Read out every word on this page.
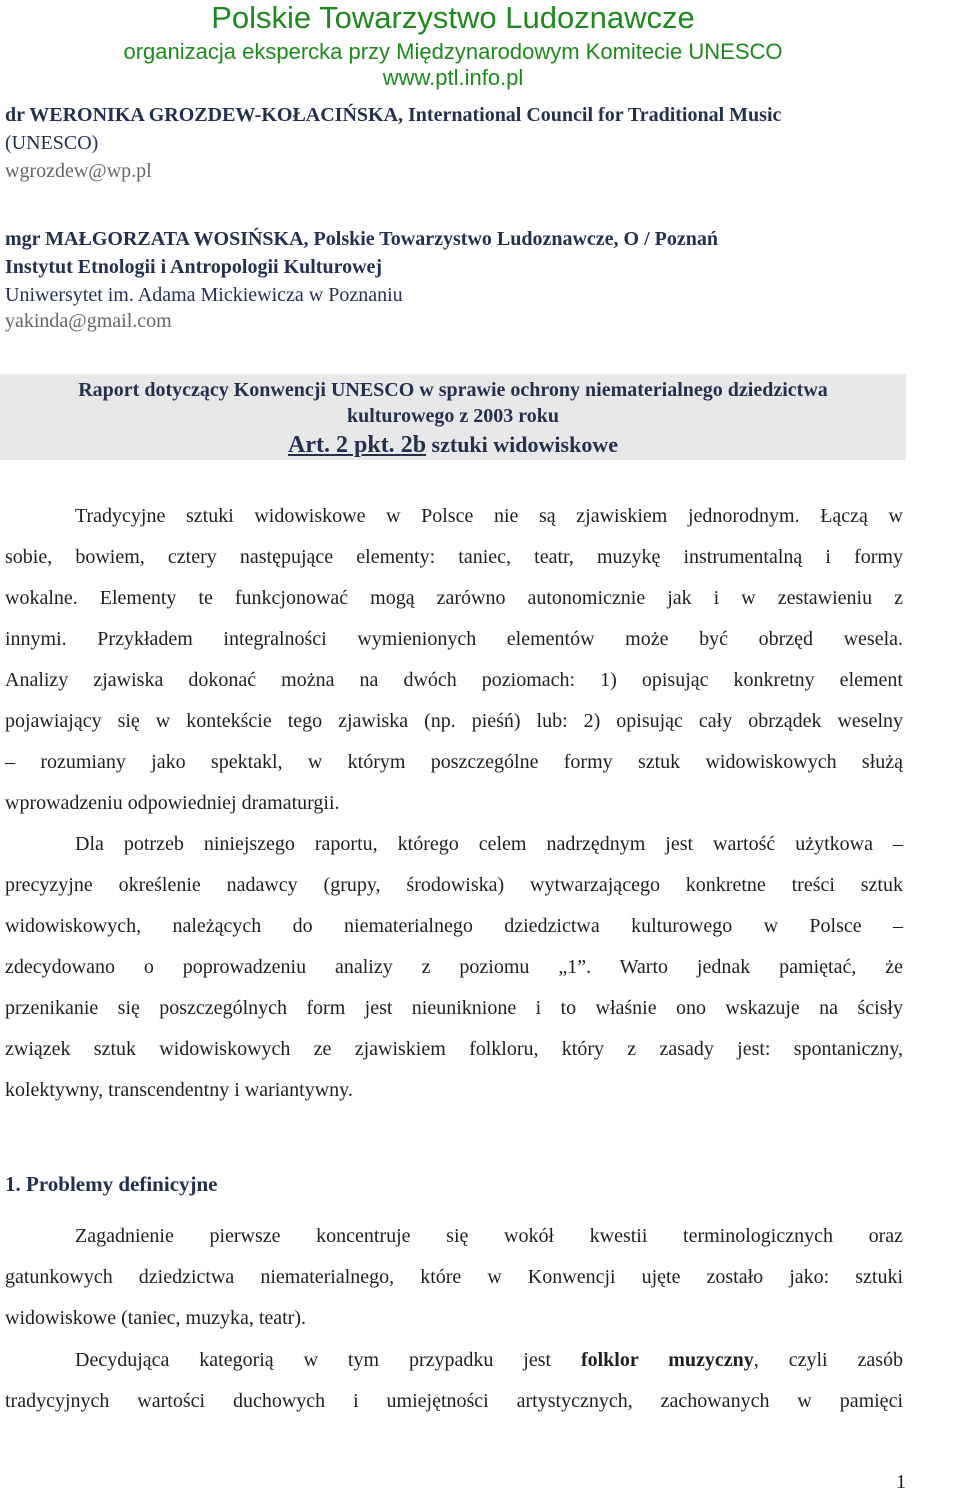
Polskie Towarzystwo Ludoznawcze
organizacja ekspercka przy Międzynarodowym Komitecie UNESCO
www.ptl.info.pl
dr WERONIKA GROZDEW-KOŁACIŃSKA, International Council for Traditional Music
(UNESCO)
wgrozdew@wp.pl
mgr MAŁGORZATA WOSIŃSKA, Polskie Towarzystwo Ludoznawcze, O / Poznań
Instytut Etnologii i Antropologii Kulturowej
Uniwersytet im. Adama Mickiewicza w Poznaniu
yakinda@gmail.com
Raport dotyczący Konwencji UNESCO w sprawie ochrony niematerialnego dziedzictwa
kulturowego z 2003 roku
Art. 2 pkt. 2b sztuki widowiskowe
Tradycyjne sztuki widowiskowe w Polsce nie są zjawiskiem jednorodnym. Łączą w
sobie, bowiem, cztery następujące elementy: taniec, teatr, muzykę instrumentalną i formy
wokalne. Elementy te funkcjonować mogą zarówno autonomicznie jak i w zestawieniu z
innymi. Przykładem integralności wymienionych elementów może być obrzęd wesela.
Analizy zjawiska dokonać można na dwóch poziomach: 1) opisując konkretny element
pojawiający się w kontekście tego zjawiska (np. pieśń) lub: 2) opisując cały obrządek weselny
– rozumiany jako spektakl, w którym poszczególne formy sztuk widowiskowych służą
wprowadzeniu odpowiedniej dramaturgii.
Dla potrzeb niniejszego raportu, którego celem nadrzędnym jest wartość użytkowa –
precyzyjne określenie nadawcy (grupy, środowiska) wytwarzającego konkretne treści sztuk
widowiskowych, należących do niematerialnego dziedzictwa kulturowego w Polsce –
zdecydowano o poprowadzeniu analizy z poziomu „1”. Warto jednak pamiętać, że
przenikanie się poszczególnych form jest nieuniknione i to właśnie ono wskazuje na ścisły
związek sztuk widowiskowych ze zjawiskiem folkloru, który z zasady jest: spontaniczny,
kolektywny, transcendentny i wariantywny.
1. Problemy definicyjne
Zagadnienie pierwsze koncentruje się wokół kwestii terminologicznych oraz
gatunkowych dziedzictwa niematerialnego, które w Konwencji ujęte zostało jako: sztuki
widowiskowe (taniec, muzyka, teatr).
Decydująca kategorią w tym przypadku jest folklor muzyczny, czyli zasób
tradycyjnych wartości duchowych i umiejętności artystycznych, zachowanych w pamięci
1
